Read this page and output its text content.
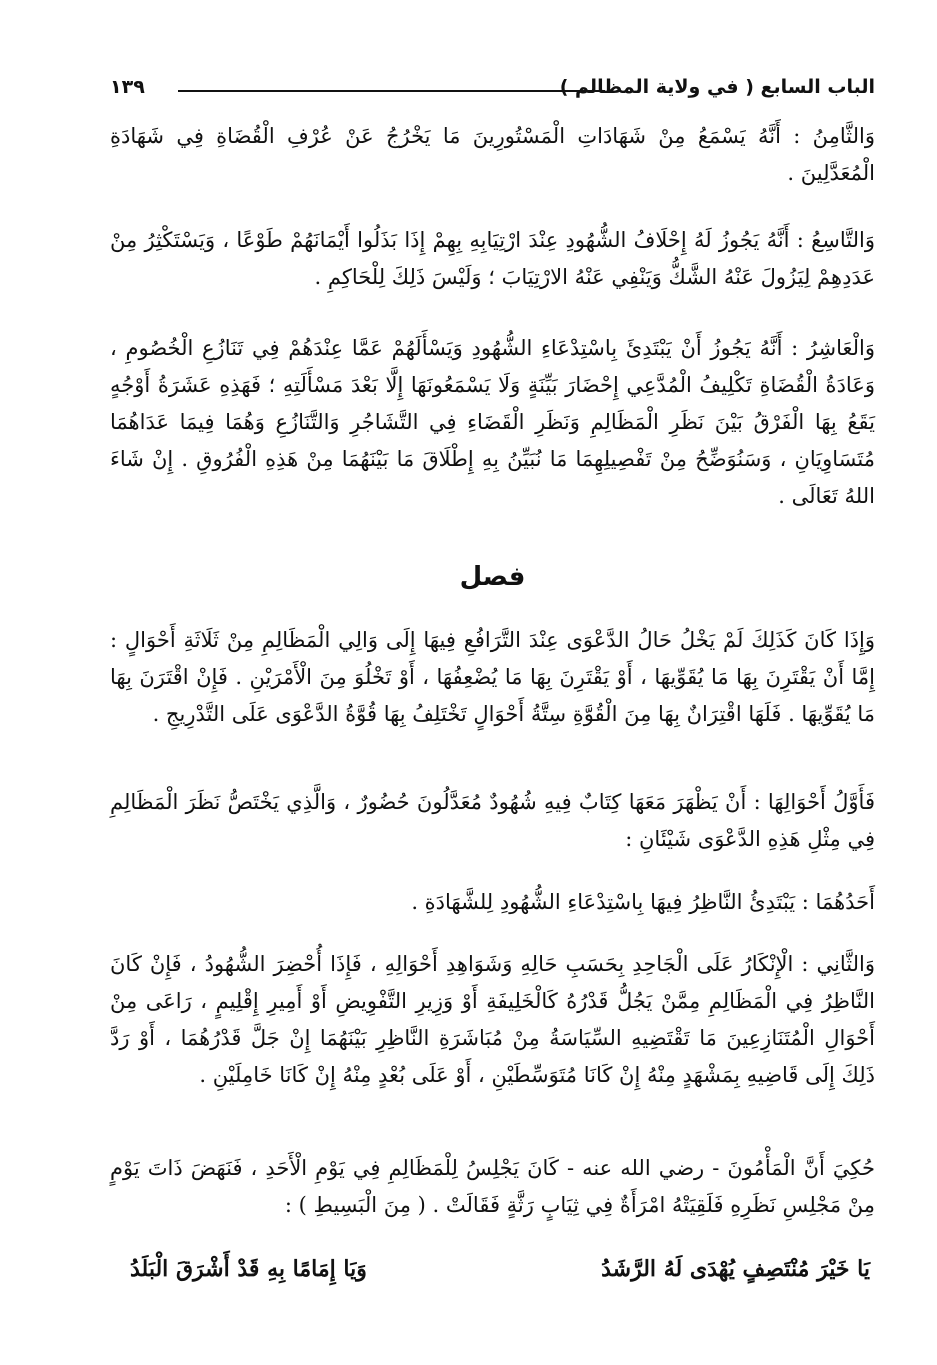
الباب السابع ( في ولاية المظالم )
١٣٩

وَالثَّامِنُ : أَنَّهُ يَسْمَعُ مِنْ شَهَادَاتِ الْمَسْتُورِينَ مَا يَخْرُجُ عَنْ عُرْفِ الْقُضَاةِ فِي شَهَادَةِ الْمُعَدَّلِينَ .

وَالتَّاسِعُ : أَنَّهُ يَجُوزُ لَهُ إِحْلَافُ الشُّهُودِ عِنْدَ ارْتِيَابِهِ بِهِمْ إِذَا بَذَلُوا أَيْمَانَهُمْ طَوْعًا ، وَيَسْتَكْثِرُ مِنْ عَدَدِهِمْ لِيَزُولَ عَنْهُ الشَّكُّ وَيَنْفِي عَنْهُ الارْتِيَابَ ؛ وَلَيْسَ ذَلِكَ لِلْحَاكِمِ .

وَالْعَاشِرُ : أَنَّهُ يَجُوزُ أَنْ يَبْتَدِئَ بِاسْتِدْعَاءِ الشُّهُودِ وَيَسْأَلَهُمْ عَمَّا عِنْدَهُمْ فِي تَنَازُعِ الْخُصُومِ ، وَعَادَةُ الْقُضَاةِ تَكْلِيفُ الْمُدَّعِي إِحْضَارَ بَيِّنَةٍ وَلَا يَسْمَعُونَهَا إِلَّا بَعْدَ مَسْأَلَتِهِ ؛ فَهَذِهِ عَشَرَةُ أَوْجُهٍ يَقَعُ بِهَا الْفَرْقُ بَيْنَ نَظَرِ الْمَظَالِمِ وَنَظَرِ الْقَضَاءِ فِي التَّشَاجُرِ وَالتَّنَازُعِ وَهُمَا فِيمَا عَدَاهُمَا مُتَسَاوِيَانِ ، وَسَنُوَضِّحُ مِنْ تَفْصِيلِهِمَا مَا نُبَيِّنُ بِهِ إِطْلَاقَ مَا بَيْنَهُمَا مِنْ هَذِهِ الْفُرُوقِ . إِنْ شَاءَ اللهُ تَعَالَى .

فصل

وَإِذَا كَانَ كَذَلِكَ لَمْ يَخْلُ حَالُ الدَّعْوَى عِنْدَ التَّرَافُعِ فِيهَا إِلَى وَالِي الْمَظَالِمِ مِنْ ثَلَاثَةِ أَحْوَالٍ : إِمَّا أَنْ يَقْتَرِنَ بِهَا مَا يُقَوِّيهَا ، أَوْ يَقْتَرِنَ بِهَا مَا يُضْعِفُهَا ، أَوْ تَخْلُوَ مِنَ الْأَمْرَيْنِ . فَإِنْ اقْتَرَنَ بِهَا مَا يُقَوِّيهَا . فَلَهَا اقْتِرَانٌ بِهَا مِنَ الْقُوَّةِ سِتَّةُ أَحْوَالٍ تَخْتَلِفُ بِهَا قُوَّةُ الدَّعْوَى عَلَى التَّدْرِيجِ .

فَأَوَّلُ أَحْوَالِهَا : أَنْ يَظْهَرَ مَعَهَا كِتَابٌ فِيهِ شُهُودٌ مُعَدَّلُونَ حُضُورٌ ، وَالَّذِي يَخْتَصُّ نَظَرَ الْمَظَالِمِ فِي مِثْلِ هَذِهِ الدَّعْوَى شَيْئَانِ :

أَحَدُهُمَا : يَبْتَدِئُ النَّاظِرُ فِيهَا بِاسْتِدْعَاءِ الشُّهُودِ لِلشَّهَادَةِ .

وَالثَّانِي : الْإِنْكَارُ عَلَى الْجَاحِدِ بِحَسَبِ حَالِهِ وَشَوَاهِدِ أَحْوَالِهِ ، فَإِذَا أُحْضِرَ الشُّهُودُ ، فَإِنْ كَانَ النَّاظِرُ فِي الْمَظَالِمِ مِمَّنْ يَجُلُّ قَدْرُهُ كَالْخَلِيفَةِ أَوْ وَزِيرِ التَّفْوِيضِ أَوْ أَمِيرِ إِقْلِيمٍ ، رَاعَى مِنْ أَحْوَالِ الْمُتَنَازِعِينَ مَا تَقْتَضِيهِ السِّيَاسَةُ مِنْ مُبَاشَرَةِ النَّاظِرِ بَيْنَهُمَا إِنْ جَلَّ قَدْرُهُمَا ، أَوْ رَدَّ ذَلِكَ إِلَى قَاضِيهِ بِمَشْهَدٍ مِنْهُ إِنْ كَانَا مُتَوَسِّطَيْنِ ، أَوْ عَلَى بُعْدٍ مِنْهُ إِنْ كَانَا خَامِلَيْنِ .

حُكِيَ أَنَّ الْمَأْمُونَ - رضي الله عنه - كَانَ يَجْلِسُ لِلْمَظَالِمِ فِي يَوْمِ الْأَحَدِ ، فَنَهَضَ ذَاتَ يَوْمٍ مِنْ مَجْلِسِ نَظَرِهِ فَلَقِيَتْهُ امْرَأَةٌ فِي ثِيَابٍ رَثَّةٍ فَقَالَتْ . ( مِنَ الْبَسِيطِ ) :

يَا خَيْرَ مُنْتَصِفٍ يُهْدَى لَهُ الرَّشَدُ
وَيَا إِمَامًا بِهِ قَدْ أَشْرَقَ الْبَلَدُ
